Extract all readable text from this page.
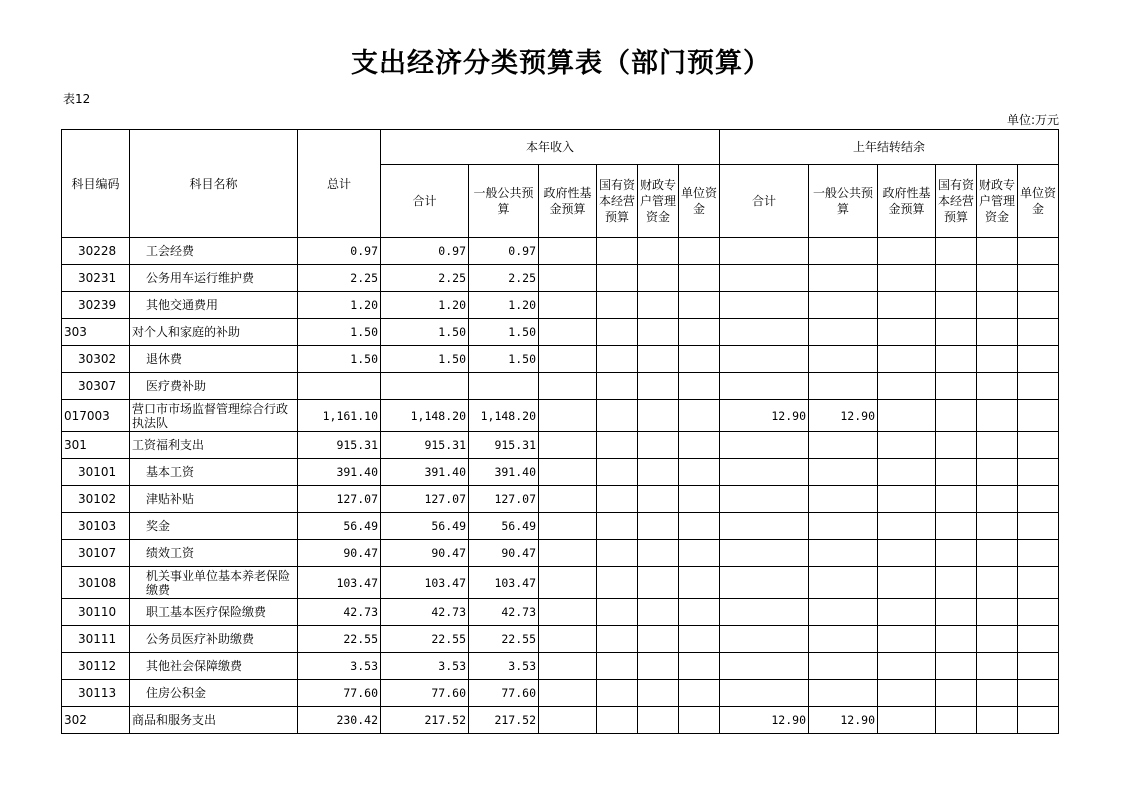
支出经济分类预算表（部门预算）
表12
单位:万元
科目编码	科目名称	总计	本年收入						上年结转结余					
			合计	一般公共预算	政府性基金预算	国有资本经营预算	财政专户管理资金	单位资金	合计	一般公共预算	政府性基金预算	国有资本经营预算	财政专户管理资金	单位资金
30228	工会经费	0.97	0.97	0.97										
30231	公务用车运行维护费	2.25	2.25	2.25										
30239	其他交通费用	1.20	1.20	1.20										
303	对个人和家庭的补助	1.50	1.50	1.50										
30302	退休费	1.50	1.50	1.50										
30307	医疗费补助													
017003	营口市市场监督管理综合行政执法队	1,161.10	1,148.20	1,148.20					12.90	12.90				
301	工资福利支出	915.31	915.31	915.31										
30101	基本工资	391.40	391.40	391.40										
30102	津贴补贴	127.07	127.07	127.07										
30103	奖金	56.49	56.49	56.49										
30107	绩效工资	90.47	90.47	90.47										
30108	机关事业单位基本养老保险缴费	103.47	103.47	103.47										
30110	职工基本医疗保险缴费	42.73	42.73	42.73										
30111	公务员医疗补助缴费	22.55	22.55	22.55										
30112	其他社会保障缴费	3.53	3.53	3.53										
30113	住房公积金	77.60	77.60	77.60										
302	商品和服务支出	230.42	217.52	217.52					12.90	12.90				
